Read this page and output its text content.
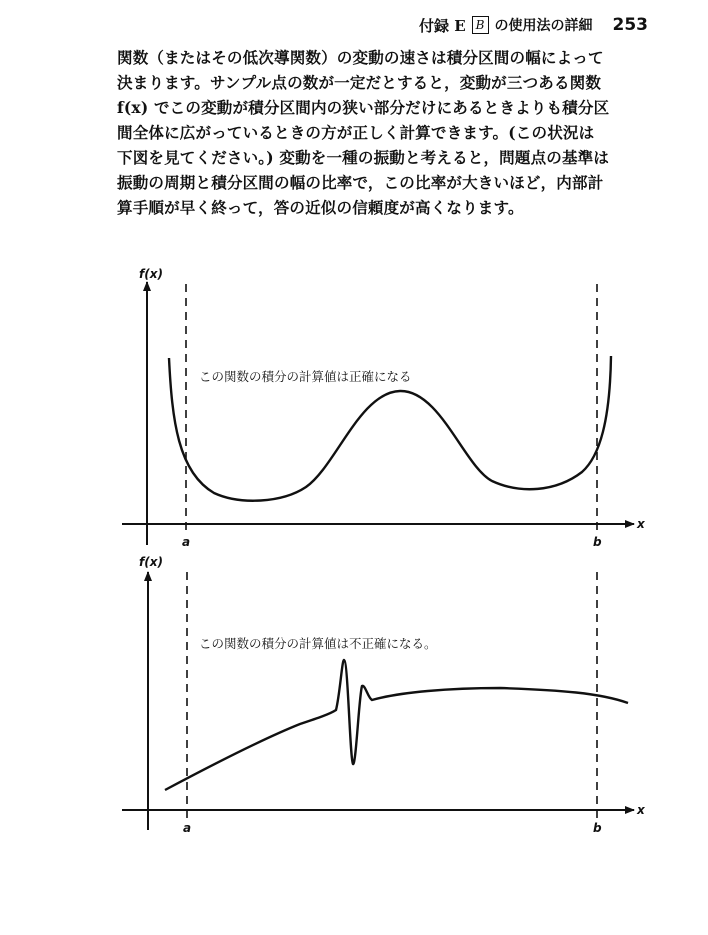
付録 E B の使用法の詳細 253

関数（またはその低次導関数）の変動の速さは積分区間の幅によって

決まります。サンプル点の数が一定だとすると，変動が三つある関数

f(x) でこの変動が積分区間内の狭い部分だけにあるときよりも積分区

間全体に広がっているときの方が正しく計算できます。(この状況は

下図を見てください。) 変動を一種の振動と考えると，問題点の基準は

振動の周期と積分区間の幅の比率で，この比率が大きいほど，内部計

算手順が早く終って，答の近似の信頼度が高くなります。

f(x)
x
a	b
この関数の積分の計算値は正確になる
f(x)
x
a	b
この関数の積分の計算値は不正確になる。
